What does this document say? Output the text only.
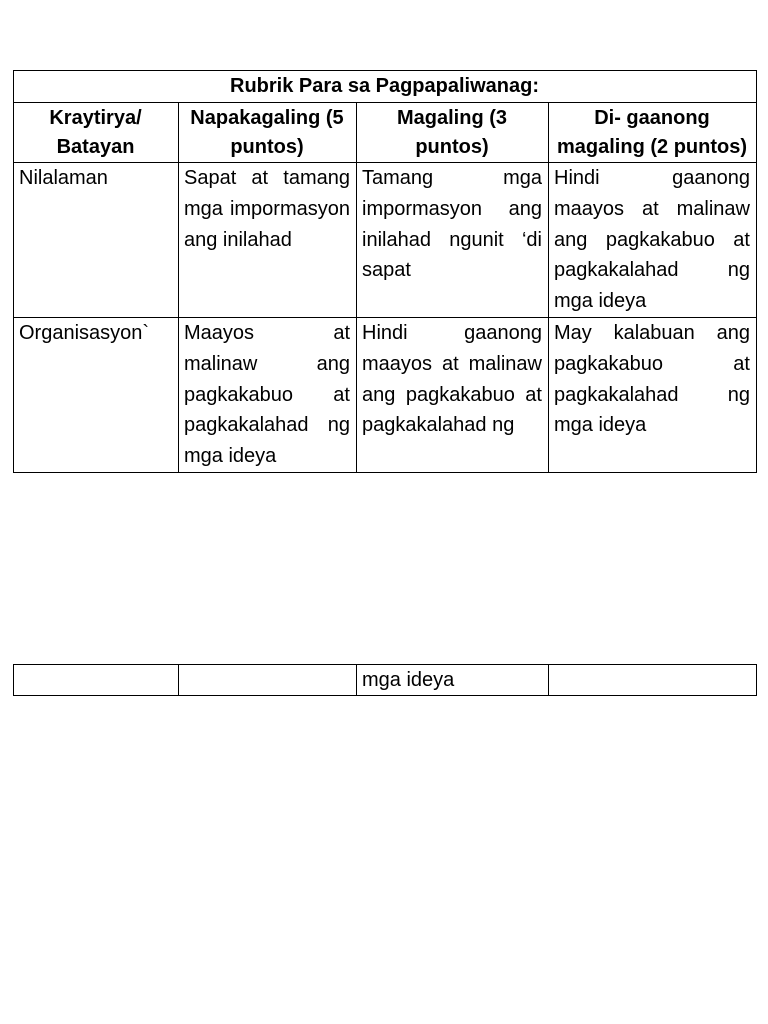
Rubrik Para sa Pagpapaliwanag:			
Kraytirya/ Batayan	Napakagaling (5 puntos)	Magaling (3 puntos)	Di- gaanong magaling (2 puntos)
Nilalaman	Sapat at tamang mga impormasyon ang inilahad	Tamang mga impormasyon ang inilahad ngunit ‘di sapat	Hindi gaanong maayos at malinaw ang pagkakabuo at pagkakalahad ng mga ideya
Organisasyon`	Maayos at malinaw ang pagkakabuo at pagkakalahad ng mga ideya	Hindi gaanong maayos at malinaw ang pagkakabuo at pagkakalahad ng	May kalabuan ang pagkakabuo at pagkakalahad ng mga ideya
		mga ideya	
